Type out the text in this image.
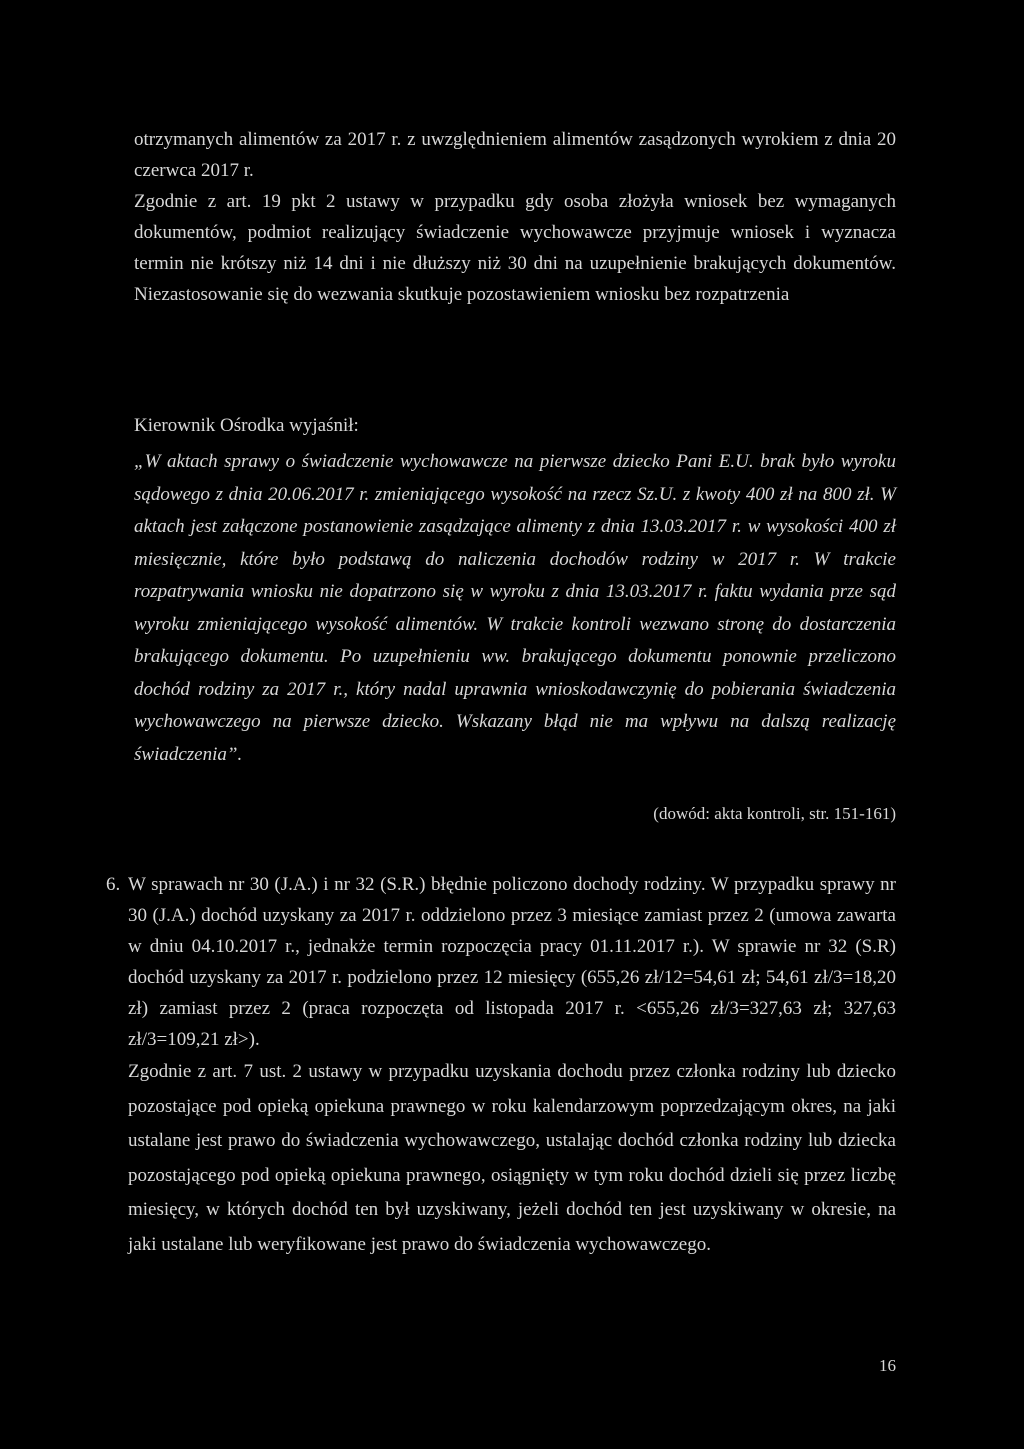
otrzymanych alimentów za 2017 r. z uwzględnieniem alimentów zasądzonych wyrokiem z dnia 20 czerwca 2017 r.

Zgodnie z art. 19 pkt 2 ustawy w przypadku gdy osoba złożyła wniosek bez wymaganych dokumentów, podmiot realizujący świadczenie wychowawcze przyjmuje wniosek i wyznacza termin nie krótszy niż 14 dni i nie dłuższy niż 30 dni na uzupełnienie brakujących dokumentów. Niezastosowanie się do wezwania skutkuje pozostawieniem wniosku bez rozpatrzenia

Kierownik Ośrodka wyjaśnił:

„W aktach sprawy o świadczenie wychowawcze na pierwsze dziecko Pani E.U. brak było wyroku sądowego z dnia 20.06.2017 r. zmieniającego wysokość na rzecz Sz.U. z kwoty 400 zł na 800 zł. W aktach jest załączone postanowienie zasądzające alimenty z dnia 13.03.2017 r. w wysokości 400 zł miesięcznie, które było podstawą do naliczenia dochodów rodziny w 2017 r. W trakcie rozpatrywania wniosku nie dopatrzono się w wyroku z dnia 13.03.2017 r. faktu wydania prze sąd wyroku zmieniającego wysokość alimentów. W trakcie kontroli wezwano stronę do dostarczenia brakującego dokumentu. Po uzupełnieniu ww. brakującego dokumentu ponownie przeliczono dochód rodziny za 2017 r., który nadal uprawnia wnioskodawczynię do pobierania świadczenia wychowawczego na pierwsze dziecko. Wskazany błąd nie ma wpływu na dalszą realizację świadczenia”.

(dowód: akta kontroli, str. 151-161)

6. W sprawach nr 30 (J.A.) i nr 32 (S.R.) błędnie policzono dochody rodziny. W przypadku sprawy nr 30 (J.A.) dochód uzyskany za 2017 r. oddzielono przez 3 miesiące zamiast przez 2 (umowa zawarta w dniu 04.10.2017 r., jednakże termin rozpoczęcia pracy 01.11.2017 r.). W sprawie nr 32 (S.R) dochód uzyskany za 2017 r. podzielono przez 12 miesięcy (655,26 zł/12=54,61 zł; 54,61 zł/3=18,20 zł) zamiast przez 2 (praca rozpoczęta od listopada 2017 r. <655,26 zł/3=327,63 zł; 327,63 zł/3=109,21 zł>).

Zgodnie z art. 7 ust. 2 ustawy w przypadku uzyskania dochodu przez członka rodziny lub dziecko pozostające pod opieką opiekuna prawnego w roku kalendarzowym poprzedzającym okres, na jaki ustalane jest prawo do świadczenia wychowawczego, ustalając dochód członka rodziny lub dziecka pozostającego pod opieką opiekuna prawnego, osiągnięty w tym roku dochód dzieli się przez liczbę miesięcy, w których dochód ten był uzyskiwany, jeżeli dochód ten jest uzyskiwany w okresie, na jaki ustalane lub weryfikowane jest prawo do świadczenia wychowawczego.

16
